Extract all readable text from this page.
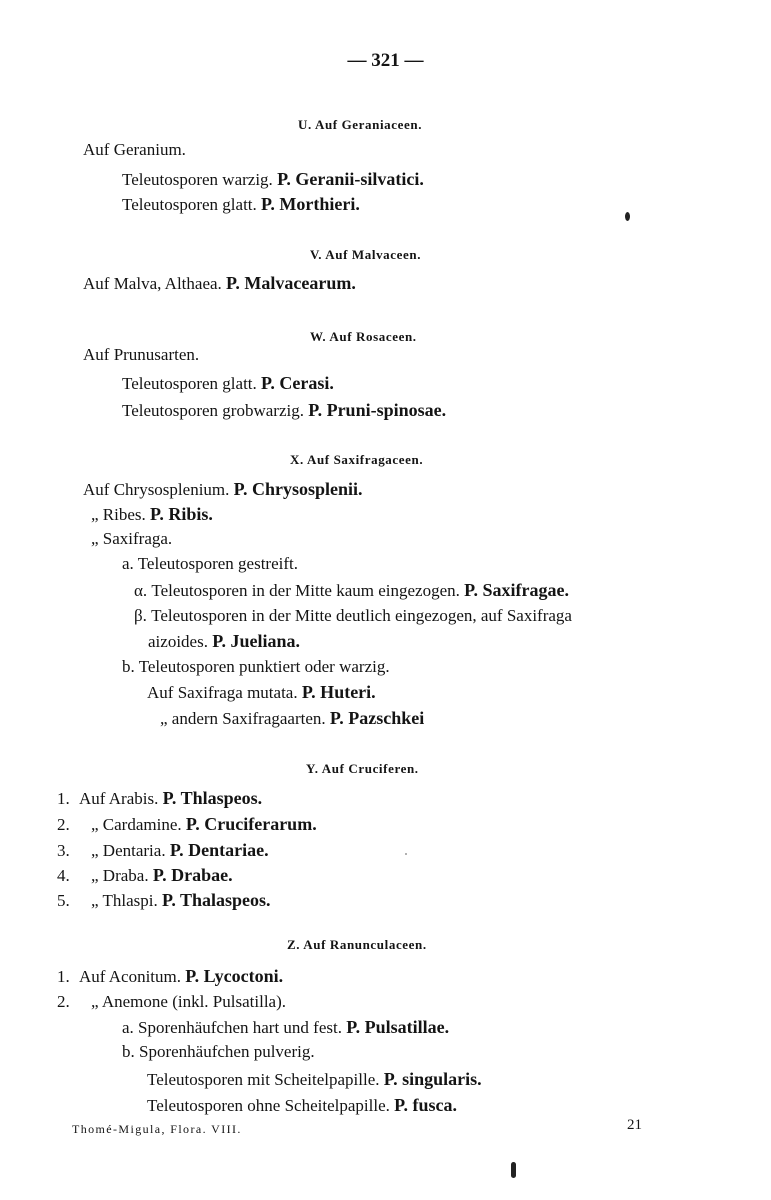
— 321 —
U. Auf Geraniaceen.
Auf Geranium.
Teleutosporen warzig. P. Geranii-silvatici.
Teleutosporen glatt. P. Morthieri.
V. Auf Malvaceen.
Auf Malva, Althaea. P. Malvacearum.
W. Auf Rosaceen.
Auf Prunusarten.
Teleutosporen glatt. P. Cerasi.
Teleutosporen grobwarzig. P. Pruni-spinosae.
X. Auf Saxifragaceen.
Auf Chrysosplenium. P. Chrysosplenii.
„ Ribes. P. Ribis.
„ Saxifraga.
a. Teleutosporen gestreift.
α. Teleutosporen in der Mitte kaum eingezogen. P. Saxifragae.
β. Teleutosporen in der Mitte deutlich eingezogen, auf Saxifraga
aizoides. P. Jueliana.
b. Teleutosporen punktiert oder warzig.
Auf Saxifraga mutata. P. Huteri.
„ andern Saxifragaarten. P. Pazschkei
Y. Auf Cruciferen.
1. Auf Arabis. P. Thlaspeos.
2. „ Cardamine. P. Cruciferarum.
3. „ Dentaria. P. Dentariae.
4. „ Draba. P. Drabae.
5. „ Thlaspi. P. Thalaspeos.
Z. Auf Ranunculaceen.
1. Auf Aconitum. P. Lycoctoni.
2. „ Anemone (inkl. Pulsatilla).
a. Sporenhäufchen hart und fest. P. Pulsatillae.
b. Sporenhäufchen pulverig.
Teleutosporen mit Scheitelpapille. P. singularis.
Teleutosporen ohne Scheitelpapille. P. fusca.
Thomé-Migula, Flora. VIII.	21
